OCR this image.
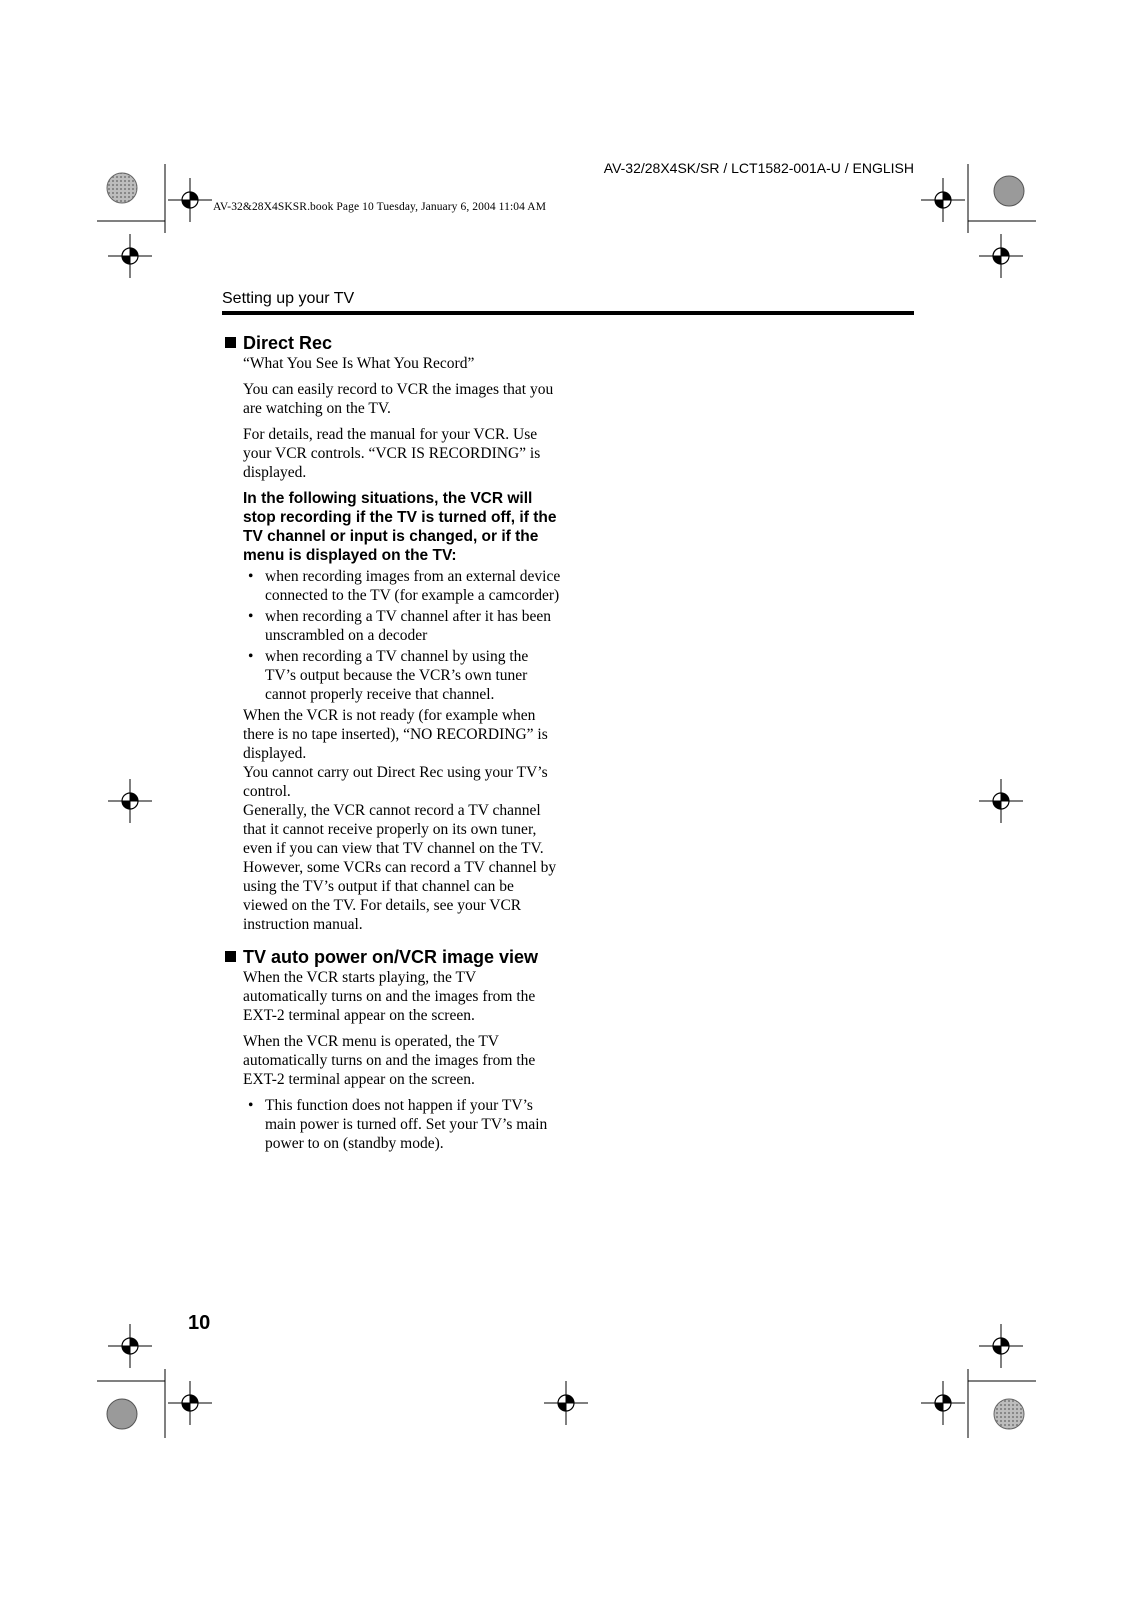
AV-32/28X4SK/SR / LCT1582-001A-U / ENGLISH
AV-32&28X4SKSR.book Page 10 Tuesday, January 6, 2004 11:04 AM
Setting up your TV
Direct Rec

“What You See Is What You Record”

You can easily record to VCR the images that you are watching on the TV.

For details, read the manual for your VCR. Use your VCR controls. “VCR IS RECORDING” is displayed.

In the following situations, the VCR will stop recording if the TV is turned off, if the TV channel or input is changed, or if the menu is displayed on the TV:

• when recording images from an external device connected to the TV (for example a camcorder)
• when recording a TV channel after it has been unscrambled on a decoder
• when recording a TV channel by using the TV’s output because the VCR’s own tuner cannot properly receive that channel.

When the VCR is not ready (for example when there is no tape inserted), “NO RECORDING” is displayed.

You cannot carry out Direct Rec using your TV’s control.

Generally, the VCR cannot record a TV channel that it cannot receive properly on its own tuner, even if you can view that TV channel on the TV. However, some VCRs can record a TV channel by using the TV’s output if that channel can be viewed on the TV. For details, see your VCR instruction manual.

TV auto power on/VCR image view

When the VCR starts playing, the TV automatically turns on and the images from the EXT-2 terminal appear on the screen.

When the VCR menu is operated, the TV automatically turns on and the images from the EXT-2 terminal appear on the screen.

• This function does not happen if your TV’s main power is turned off. Set your TV’s main power to on (standby mode).
10
